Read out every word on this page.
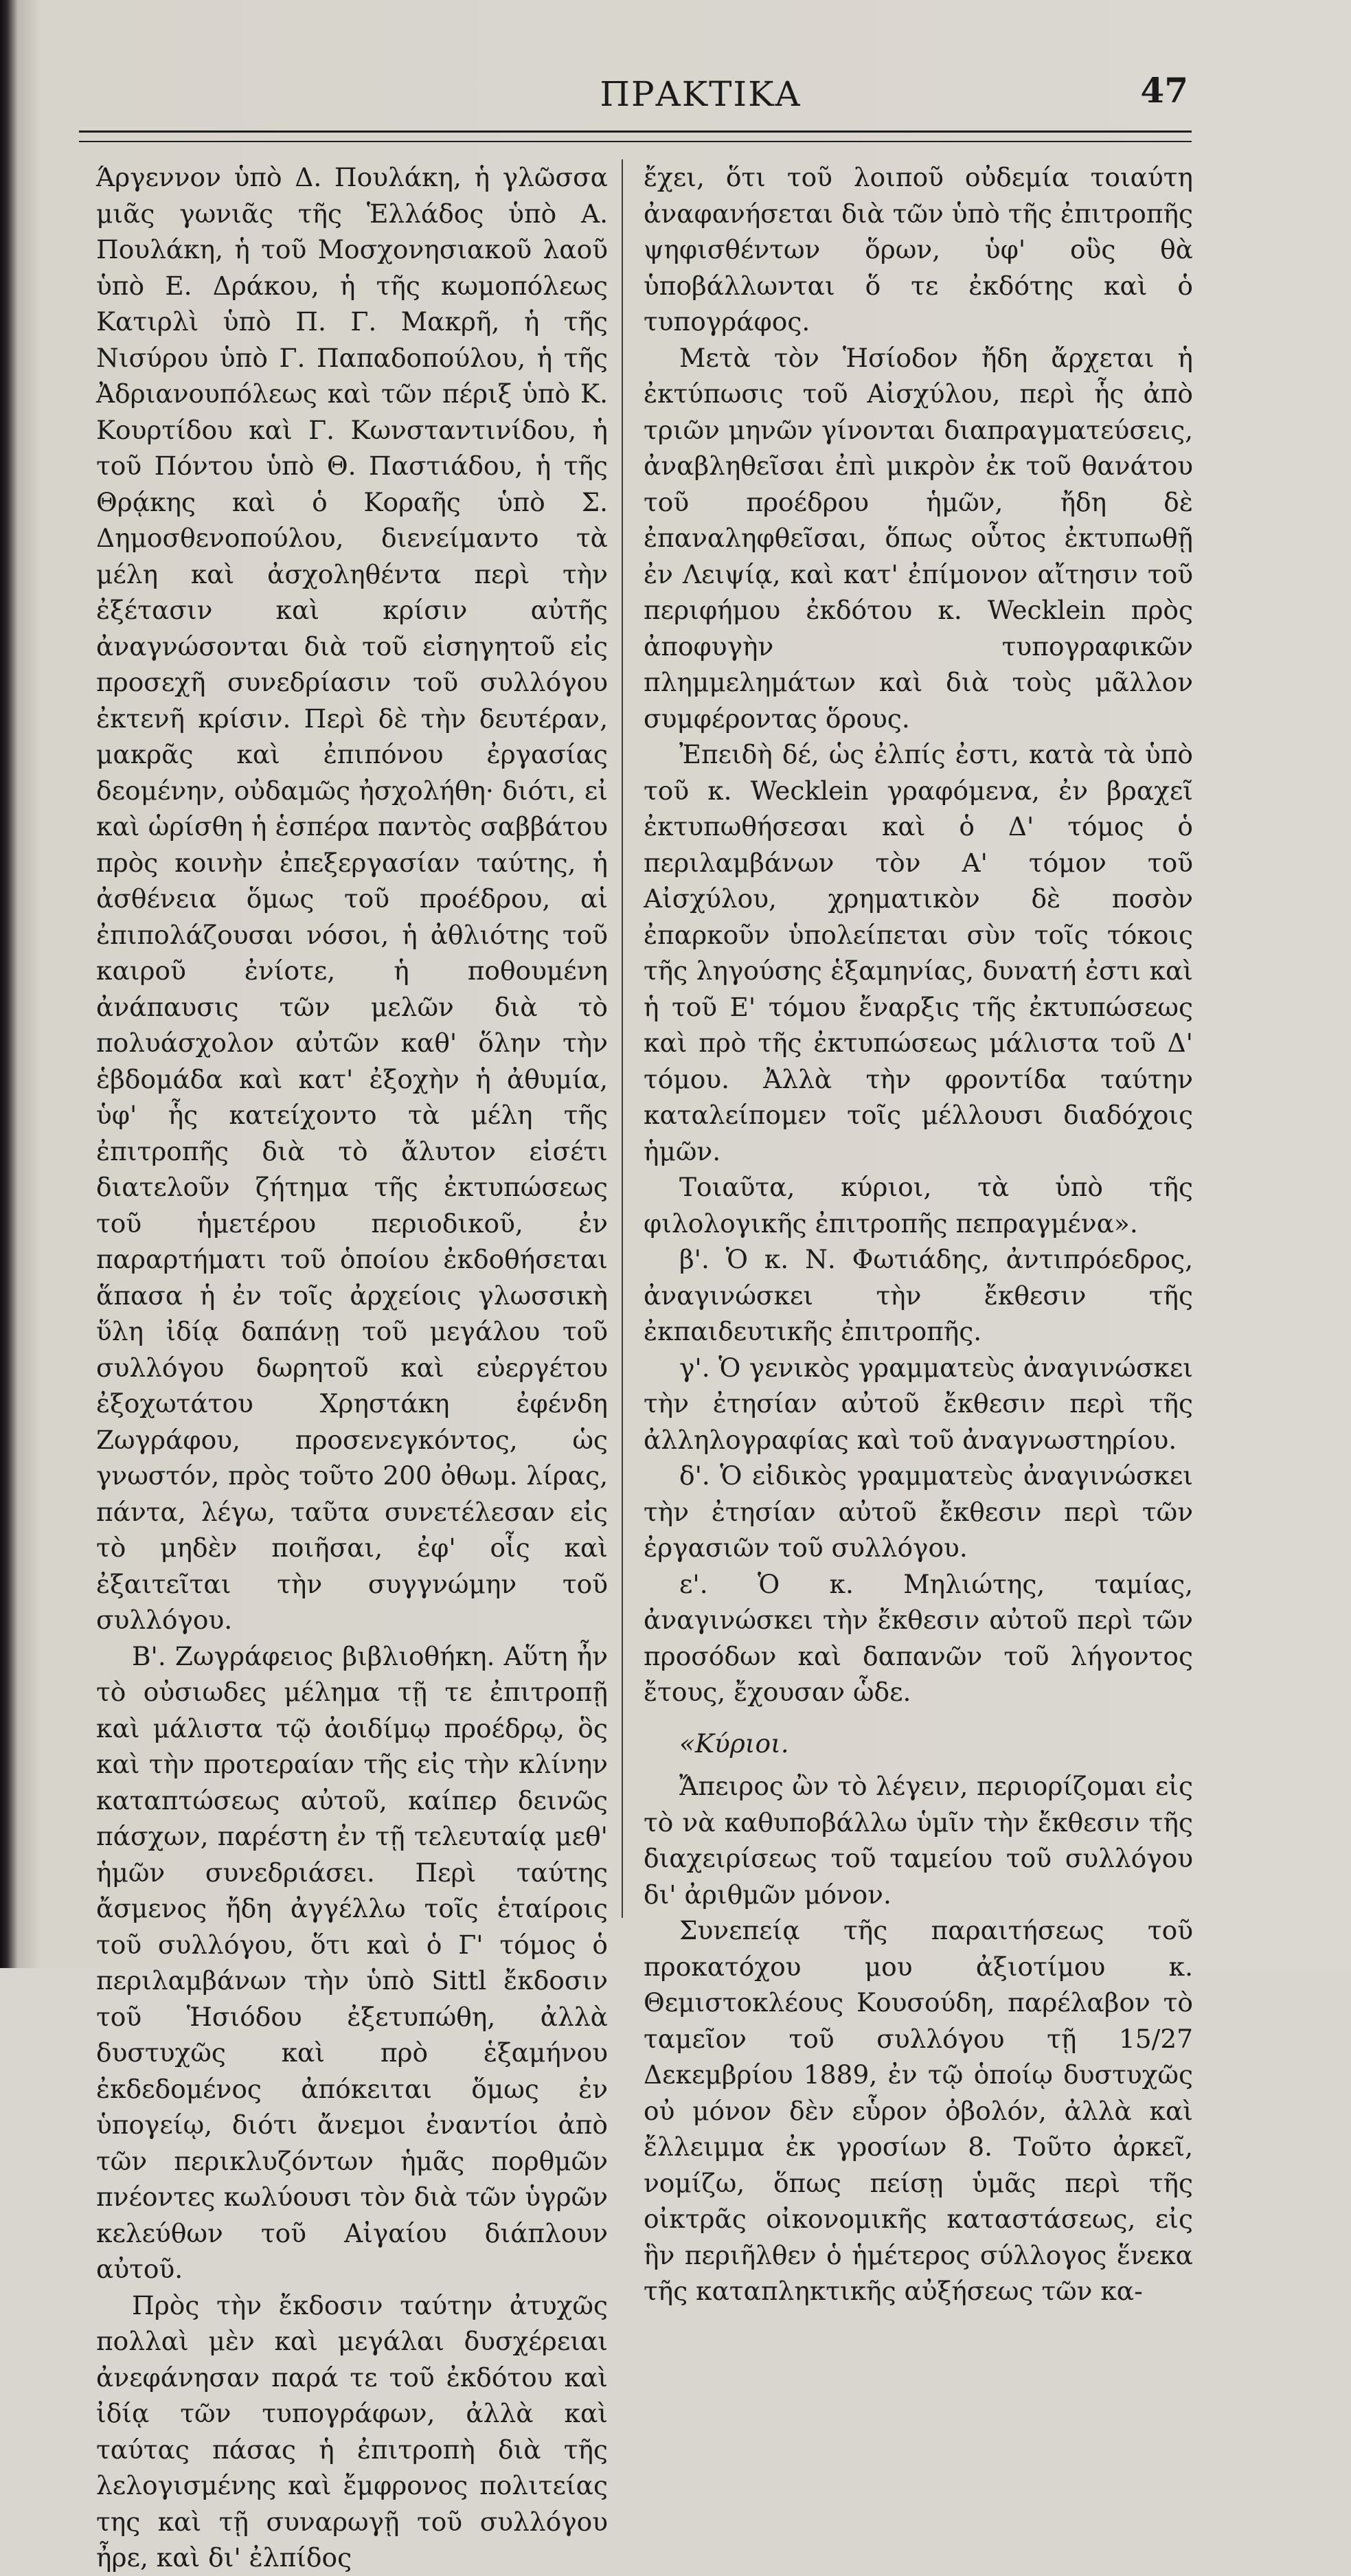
ΠΡΑΚΤΙΚΑ	47

Άργεννον ὑπὸ Δ. Πουλάκη, ἡ γλῶσσα μιᾶς γωνιᾶς τῆς Ἑλλάδος ὑπὸ Α. Πουλάκη, ἡ τοῦ Μοσχονησιακοῦ λαοῦ ὑπὸ Ε. Δράκου, ἡ τῆς κωμοπόλεως Κατιρλὶ ὑπὸ Π. Γ. Μακρῆ, ἡ τῆς Νισύρου ὑπὸ Γ. Παπαδοπούλου, ἡ τῆς Ἀδριανουπόλεως καὶ τῶν πέριξ ὑπὸ Κ. Κουρτίδου καὶ Γ. Κωνσταντινίδου, ἡ τοῦ Πόντου ὑπὸ Θ. Παστιάδου, ἡ τῆς Θρᾴκης καὶ ὁ Κοραῆς ὑπὸ Σ. Δημοσθενοπούλου, διενείμαντο τὰ μέλη καὶ ἀσχοληθέντα περὶ τὴν ἐξέτασιν καὶ κρίσιν αὐτῆς ἀναγνώσονται διὰ τοῦ εἰσηγητοῦ εἰς προσεχῆ συνεδρίασιν τοῦ συλλόγου ἐκτενῆ κρίσιν. Περὶ δὲ τὴν δευτέραν, μακρᾶς καὶ ἐπιπόνου ἐργασίας δεομένην, οὐδαμῶς ἠσχολήθη· διότι, εἰ καὶ ὡρίσθη ἡ ἑσπέρα παντὸς σαββάτου πρὸς κοινὴν ἐπεξεργασίαν ταύτης, ἡ ἀσθένεια ὅμως τοῦ προέδρου, αἱ ἐπιπολάζουσαι νόσοι, ἡ ἀθλιότης τοῦ καιροῦ ἐνίοτε, ἡ ποθουμένη ἀνάπαυσις τῶν μελῶν διὰ τὸ πολυάσχολον αὐτῶν καθ' ὅλην τὴν ἑβδομάδα καὶ κατ' ἐξοχὴν ἡ ἀθυμία, ὑφ' ἧς κατείχοντο τὰ μέλη τῆς ἐπιτροπῆς διὰ τὸ ἄλυτον εἰσέτι διατελοῦν ζήτημα τῆς ἐκτυπώσεως τοῦ ἡμετέρου περιοδικοῦ, ἐν παραρτήματι τοῦ ὁποίου ἐκδοθήσεται ἅπασα ἡ ἐν τοῖς ἀρχείοις γλωσσικὴ ὕλη ἰδίᾳ δαπάνῃ τοῦ μεγάλου τοῦ συλλόγου δωρητοῦ καὶ εὐεργέτου ἐξοχωτάτου Χρηστάκη ἐφένδη Ζωγράφου, προσενεγκόντος, ὡς γνωστόν, πρὸς τοῦτο 200 ὀθωμ. λίρας, πάντα, λέγω, ταῦτα συνετέλεσαν εἰς τὸ μηδὲν ποιῆσαι, ἐφ' οἷς καὶ ἐξαιτεῖται τὴν συγγνώμην τοῦ συλλόγου.

Β'. Ζωγράφειος βιβλιοθήκη. Αὕτη ἦν τὸ οὐσιωδες μέλημα τῇ τε ἐπιτροπῇ καὶ μάλιστα τῷ ἀοιδίμῳ προέδρῳ, ὃς καὶ τὴν προτεραίαν τῆς εἰς τὴν κλίνην καταπτώσεως αὐτοῦ, καίπερ δεινῶς πάσχων, παρέστη ἐν τῇ τελευταίᾳ μεθ' ἡμῶν συνεδριάσει. Περὶ ταύτης ἄσμενος ἤδη ἀγγέλλω τοῖς ἑταίροις τοῦ συλλόγου, ὅτι καὶ ὁ Γ' τόμος ὁ περιλαμβάνων τὴν ὑπὸ Sittl ἔκδοσιν τοῦ Ἡσιόδου ἐξετυπώθη, ἀλλὰ δυστυχῶς καὶ πρὸ ἑξαμήνου ἐκδεδομένος ἀπόκειται ὅμως ἐν ὑπογείῳ, διότι ἄνεμοι ἐναντίοι ἀπὸ τῶν περικλυζόντων ἡμᾶς πορθμῶν πνέοντες κωλύουσι τὸν διὰ τῶν ὑγρῶν κελεύθων τοῦ Αἰγαίου διάπλουν αὐτοῦ.

Πρὸς τὴν ἔκδοσιν ταύτην ἀτυχῶς πολλαὶ μὲν καὶ μεγάλαι δυσχέρειαι ἀνεφάνησαν παρά τε τοῦ ἐκδότου καὶ ἰδίᾳ τῶν τυπογράφων, ἀλλὰ καὶ ταύτας πάσας ἡ ἐπιτροπὴ διὰ τῆς λελογισμένης καὶ ἔμφρονος πολιτείας της καὶ τῇ συναρωγῇ τοῦ συλλόγου ἦρε, καὶ δι' ἐλπίδος

ἔχει, ὅτι τοῦ λοιποῦ οὐδεμία τοιαύτη ἀναφανήσεται διὰ τῶν ὑπὸ τῆς ἐπιτροπῆς ψηφισθέντων ὅρων, ὑφ' οὓς θὰ ὑποβάλλωνται ὅ τε ἐκδότης καὶ ὁ τυπογράφος.

Μετὰ τὸν Ἡσίοδον ἤδη ἄρχεται ἡ ἐκτύπωσις τοῦ Αἰσχύλου, περὶ ἧς ἀπὸ τριῶν μηνῶν γίνονται διαπραγματεύσεις, ἀναβληθεῖσαι ἐπὶ μικρὸν ἐκ τοῦ θανάτου τοῦ προέδρου ἡμῶν, ἤδη δὲ ἐπαναληφθεῖσαι, ὅπως οὗτος ἐκτυπωθῇ ἐν Λειψίᾳ, καὶ κατ' ἐπίμονον αἴτησιν τοῦ περιφήμου ἐκδότου κ. Wecklein πρὸς ἀποφυγὴν τυπογραφικῶν πλημμελημάτων καὶ διὰ τοὺς μᾶλλον συμφέροντας ὅρους.

Ἐπειδὴ δέ, ὡς ἐλπίς ἐστι, κατὰ τὰ ὑπὸ τοῦ κ. Wecklein γραφόμενα, ἐν βραχεῖ ἐκτυπωθήσεσαι καὶ ὁ Δ' τόμος ὁ περιλαμβάνων τὸν Α' τόμον τοῦ Αἰσχύλου, χρηματικὸν δὲ ποσὸν ἐπαρκοῦν ὑπολείπεται σὺν τοῖς τόκοις τῆς ληγούσης ἑξαμηνίας, δυνατή ἐστι καὶ ἡ τοῦ Ε' τόμου ἔναρξις τῆς ἐκτυπώσεως καὶ πρὸ τῆς ἐκτυπώσεως μάλιστα τοῦ Δ' τόμου. Ἀλλὰ τὴν φροντίδα ταύτην καταλείπομεν τοῖς μέλλουσι διαδόχοις ἡμῶν.

Τοιαῦτα, κύριοι, τὰ ὑπὸ τῆς φιλολογικῆς ἐπιτροπῆς πεπραγμένα».

β'. Ὁ κ. Ν. Φωτιάδης, ἀντιπρόεδρος, ἀναγινώσκει τὴν ἔκθεσιν τῆς ἐκπαιδευτικῆς ἐπιτροπῆς.

γ'. Ὁ γενικὸς γραμματεὺς ἀναγινώσκει τὴν ἐτησίαν αὐτοῦ ἔκθεσιν περὶ τῆς ἀλληλογραφίας καὶ τοῦ ἀναγνωστηρίου.

δ'. Ὁ εἰδικὸς γραμματεὺς ἀναγινώσκει τὴν ἐτησίαν αὐτοῦ ἔκθεσιν περὶ τῶν ἐργασιῶν τοῦ συλλόγου.

ε'. Ὁ κ. Μηλιώτης, ταμίας, ἀναγινώσκει τὴν ἔκθεσιν αὐτοῦ περὶ τῶν προσόδων καὶ δαπανῶν τοῦ λήγοντος ἔτους, ἔχουσαν ὧδε.

«Κύριοι.

Ἄπειρος ὢν τὸ λέγειν, περιορίζομαι εἰς τὸ νὰ καθυποβάλλω ὑμῖν τὴν ἔκθεσιν τῆς διαχειρίσεως τοῦ ταμείου τοῦ συλλόγου δι' ἀριθμῶν μόνον.

Συνεπείᾳ τῆς παραιτήσεως τοῦ προκατόχου μου ἀξιοτίμου κ. Θεμιστοκλέους Κουσούδη, παρέλαβον τὸ ταμεῖον τοῦ συλλόγου τῇ 15/27 Δεκεμβρίου 1889, ἐν τῷ ὁποίῳ δυστυχῶς οὐ μόνον δὲν εὗρον ὀβολόν, ἀλλὰ καὶ ἔλλειμμα ἐκ γροσίων 8. Τοῦτο ἀρκεῖ, νομίζω, ὅπως πείσῃ ὑμᾶς περὶ τῆς οἰκτρᾶς οἰκονομικῆς καταστάσεως, εἰς ἣν περιῆλθεν ὁ ἡμέτερος σύλλογος ἕνεκα τῆς καταπληκτικῆς αὐξήσεως τῶν κα-
